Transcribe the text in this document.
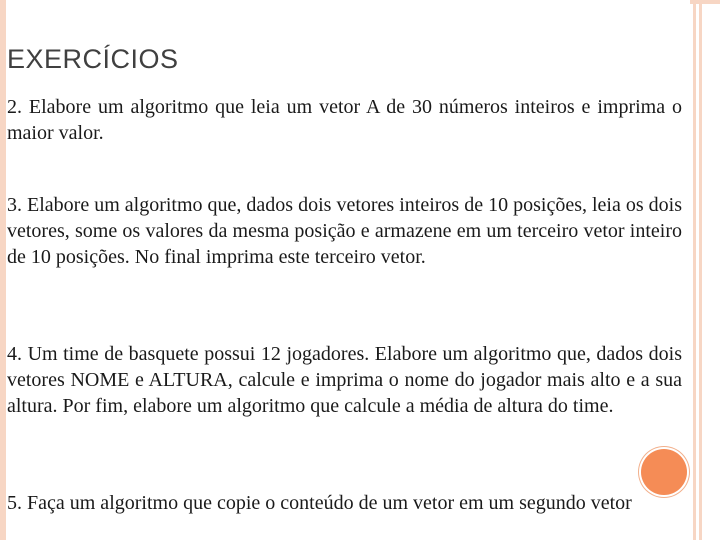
EXERCÍCIOS

2. Elabore um algoritmo que leia um vetor A de 30 números inteiros e imprima o maior valor.

3. Elabore um algoritmo que, dados dois vetores inteiros de 10 posições, leia os dois vetores, some os valores da mesma posição e armazene em um terceiro vetor inteiro de 10 posições. No final imprima este terceiro vetor.

4. Um time de basquete possui 12 jogadores. Elabore um algoritmo que, dados dois vetores NOME e ALTURA, calcule e imprima o nome do jogador mais alto e a sua altura. Por fim, elabore um algoritmo que calcule a média de altura do time.

5. Faça um algoritmo que copie o conteúdo de um vetor em um segundo vetor
